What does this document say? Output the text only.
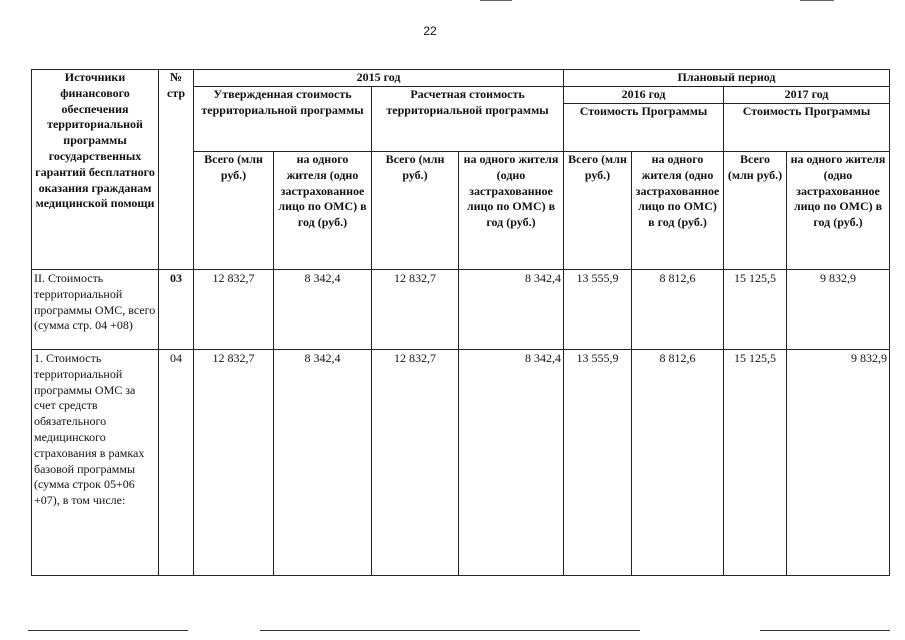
22
Источники финансового обеспечения территориальной программы государственных гарантий бесплатного оказания гражданам медицинской помощи	№ стр	2015 год				Плановый период			
		Утвержденная стоимость территориальной программы		Расчетная стоимость территориальной программы		2016 год		2017 год	
						Стоимость Программы		Стоимость Программы	
		Всего (млн руб.)	на одного жителя (одно застрахованное лицо по ОМС) в год (руб.)	Всего (млн руб.)	на одного жителя (одно застрахованное лицо по ОМС) в год (руб.)	Всего (млн руб.)	на одного жителя (одно застрахованное лицо по ОМС) в год (руб.)	Всего (млн руб.)	на одного жителя (одно застрахованное лицо по ОМС) в год (руб.)
II. Стоимость территориальной программы ОМС, всего (сумма стр. 04 +08)	03	12 832,7	8 342,4	12 832,7	8 342,4	13 555,9	8 812,6	15 125,5	9 832,9
1. Стоимость территориальной программы ОМС за счет средств обязательного медицинского страхования в рамках базовой программы (сумма строк 05+06 +07), в том числе:	04	12 832,7	8 342,4	12 832,7	8 342,4	13 555,9	8 812,6	15 125,5	9 832,9
